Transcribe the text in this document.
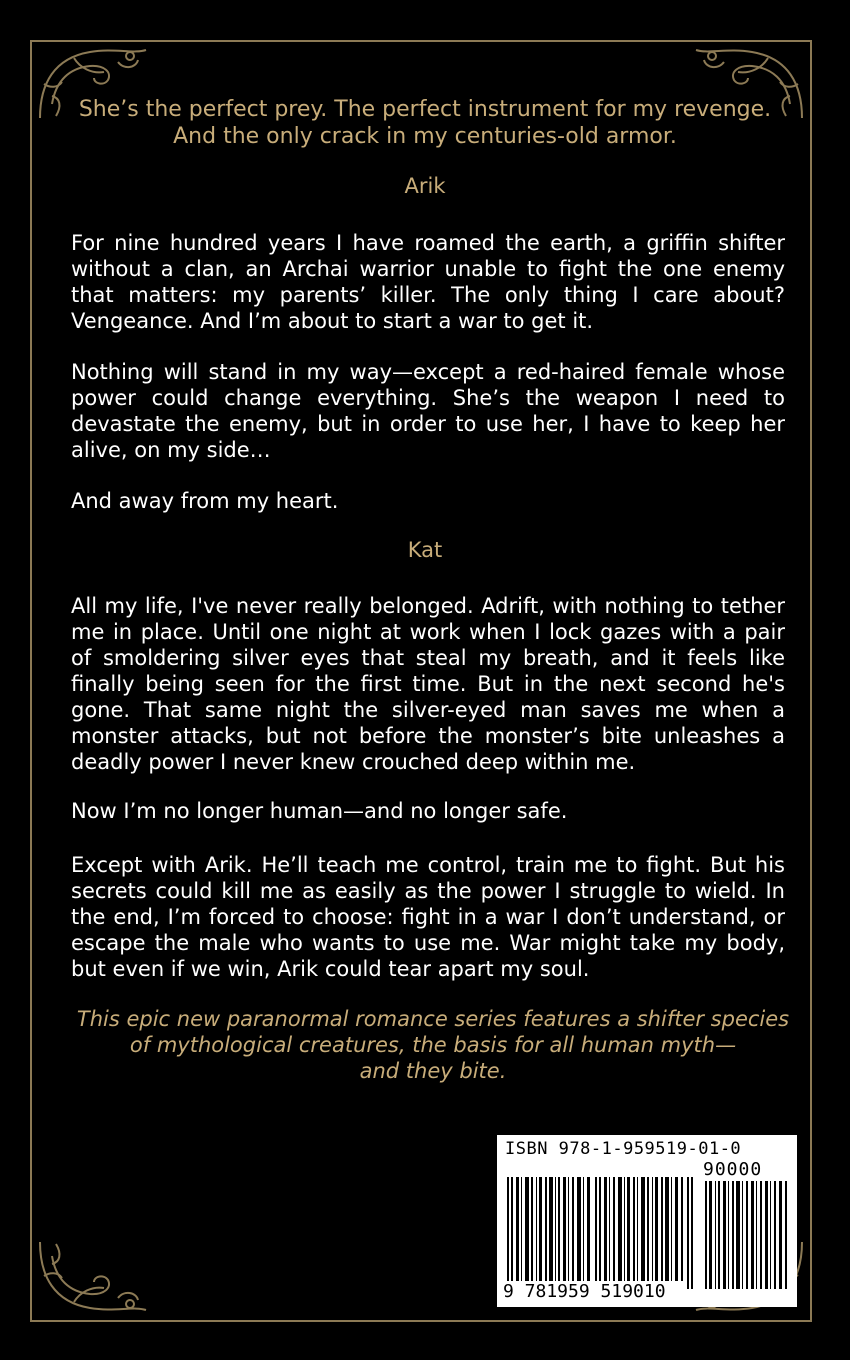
She’s the perfect prey. The perfect instrument for my revenge.
And the only crack in my centuries-old armor.
Arik
For nine hundred years I have roamed the earth, a griffin shifter without a clan, an Archai warrior unable to fight the one enemy that matters: my parents’ killer. The only thing I care about? Vengeance. And I’m about to start a war to get it.
Nothing will stand in my way—except a red-haired female whose power could change everything. She’s the weapon I need to devastate the enemy, but in order to use her, I have to keep her alive, on my side…
And away from my heart.
Kat
All my life, I've never really belonged. Adrift, with nothing to tether me in place. Until one night at work when I lock gazes with a pair of smoldering silver eyes that steal my breath, and it feels like finally being seen for the first time. But in the next second he's gone. That same night the silver-eyed man saves me when a monster attacks, but not before the monster’s bite unleashes a deadly power I never knew crouched deep within me.
Now I’m no longer human—and no longer safe.
Except with Arik. He’ll teach me control, train me to fight. But his secrets could kill me as easily as the power I struggle to wield. In the end, I’m forced to choose: fight in a war I don’t understand, or escape the male who wants to use me. War might take my body, but even if we win, Arik could tear apart my soul.
This epic new paranormal romance series features a shifter species
of mythological creatures, the basis for all human myth—
and they bite.
ISBN 978-1-959519-01-0
90000
9 781959 519010
